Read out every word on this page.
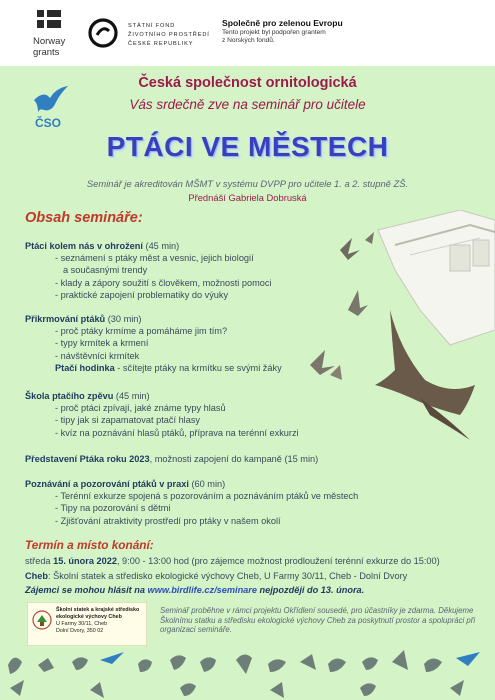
Norway
grants
STÁTNÍ FOND
ŽIVOTNÍHO PROSTŘEDÍ
ČESKÉ REPUBLIKY
Společně pro zelenou Evropu
Tento projekt byl podpořen grantem
z Norských fondů.
ČSO
Česká společnost ornitologická
Vás srdečně zve na seminář pro učitele
PTÁCI VE MĚSTECH
Seminář je akreditován MŠMT v systému DVPP pro učitele 1. a 2. stupně ZŠ.
Přednáší Gabriela Dobruská
Obsah semináře:
Ptáci kolem nás v ohrožení (45 min)
- seznámení s ptáky měst a vesnic, jejich biologií
a současnými trendy
- klady a zápory soužití s člověkem, možnosti pomoci
- praktické zapojení problematiky do výuky
Přikrmování ptáků (30 min)
- proč ptáky krmíme a pomáháme jim tím?
- typy krmítek a krmení
- návštěvníci krmítek
Ptačí hodinka - sčítejte ptáky na krmítku se svými žáky
Škola ptačího zpěvu (45 min)
- proč ptáci zpívají, jaké známe typy hlasů
- tipy jak si zapamatovat ptačí hlasy
- kvíz na poznávání hlasů ptáků, příprava na terénní exkurzi
Představení Ptáka roku 2023, možnosti zapojení do kampaně (15 min)
Poznávání a pozorování ptáků v praxi (60 min)
- Terénní exkurze spojená s pozorováním a poznáváním ptáků ve městech
- Tipy na pozorování s dětmi
- Zjišťování atraktivity prostředí pro ptáky v našem okolí
Termín a místo konání:
středa 15. února 2022, 9:00 - 13:00 hod (pro zájemce možnost prodloužení terénní exkurze do 15:00)
Cheb: Školní statek a středisko ekologické výchovy Cheb, U Farmy 30/11, Cheb - Dolní Dvory
Zájemci se mohou hlásit na www.birdlife.cz/seminare nejpozději do 13. února.
Školní statek a krajské středisko
ekologické výchovy Cheb
U Farmy 30/11, Cheb
Dolní Dvory, 350 02
Seminář proběhne v rámci projektu Okřídlení sousedé, pro účastníky je zdarma. Děkujeme Školnímu statku a středisku ekologické výchovy Cheb za poskytnutí prostor a spolupráci při organizaci semináře.
